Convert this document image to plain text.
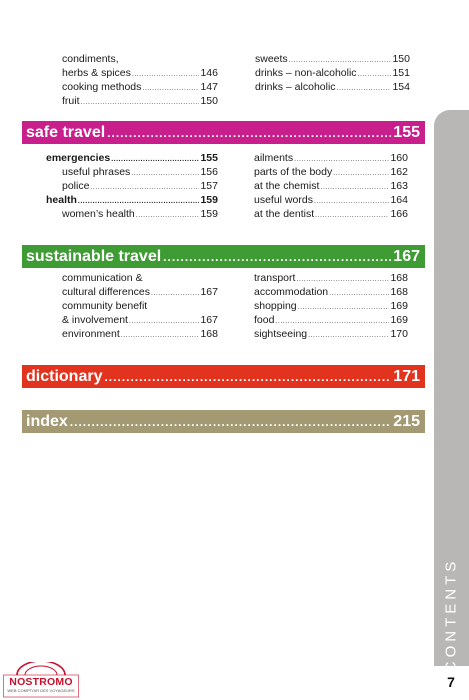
condiments,
herbs & spices .....	146
cooking methods .....	147
fruit .....	150
sweets .....	150
drinks – non-alcoholic .....	151
drinks – alcoholic .....	154
safe travel .....	155
emergencies .....	155
useful phrases .....	156
police .....	157
health .....	159
women’s health .....	159
ailments .....	160
parts of the body .....	162
at the chemist .....	163
useful words .....	164
at the dentist .....	166
sustainable travel .....	167
communication &
cultural differences .....	167
community benefit
& involvement .....	167
environment .....	168
transport .....	168
accommodation .....	168
shopping .....	169
food .....	169
sightseeing .....	170
dictionary .....	171
index .....	215
CONTENTS
7
NOSTROMO
WEB COMPTOIR DES VOYAGEURS
